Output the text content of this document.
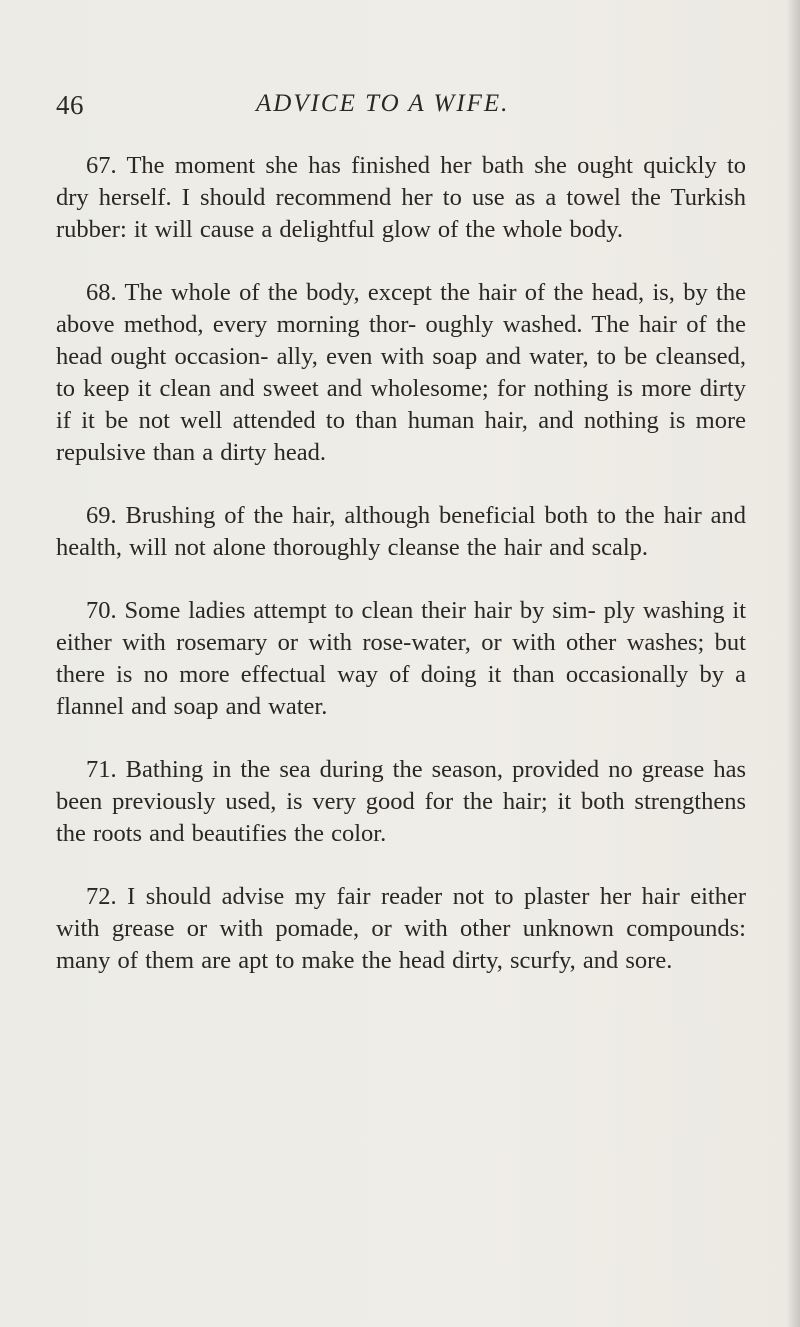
46	ADVICE TO A WIFE.

67. The moment she has finished her bath she ought quickly to dry herself. I should recommend her to use as a towel the Turkish rubber: it will cause a delightful glow of the whole body.

68. The whole of the body, except the hair of the head, is, by the above method, every morning thor- oughly washed. The hair of the head ought occasion- ally, even with soap and water, to be cleansed, to keep it clean and sweet and wholesome; for nothing is more dirty if it be not well attended to than human hair, and nothing is more repulsive than a dirty head.

69. Brushing of the hair, although beneficial both to the hair and health, will not alone thoroughly cleanse the hair and scalp.

70. Some ladies attempt to clean their hair by sim- ply washing it either with rosemary or with rose-water, or with other washes; but there is no more effectual way of doing it than occasionally by a flannel and soap and water.

71. Bathing in the sea during the season, provided no grease has been previously used, is very good for the hair; it both strengthens the roots and beautifies the color.

72. I should advise my fair reader not to plaster her hair either with grease or with pomade, or with other unknown compounds: many of them are apt to make the head dirty, scurfy, and sore.
